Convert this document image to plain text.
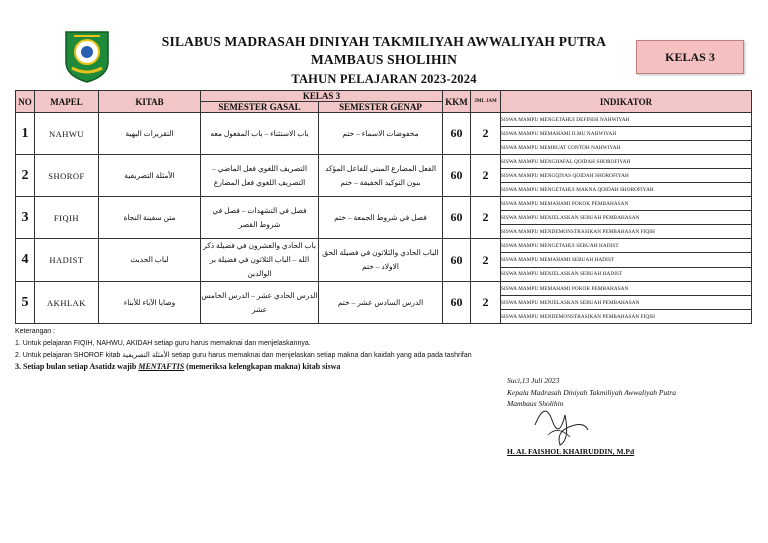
SILABUS MADRASAH DINIYAH TAKMILIYAH AWWALIYAH PUTRA
MAMBAUS SHOLIHIN
TAHUN PELAJARAN 2023-2024
KELAS 3
NO	MAPEL	KITAB	KELAS 3		KKM	JML JAM	INDIKATOR
			SEMESTER GASAL	SEMESTER GENAP			
1	NAHWU	التقريرات البهية	باب الاستثناء – باب المفعول معه	مخفوضات الاسماء – ختم	60	2	SISWA MAMPU MENGETAHUI DEFINISI NAHWIYAH
							SISWA MAMPU MEMAHAMI ILMU NAHWIYAH
							SISWA MAMPU MEMBUAT CONTOH NAHWIYAH
2	SHOROF	الأمثلة التصريفية	التصريف اللغوي فعل الماضي – التصريف اللغوي فعل المضارع	الفعل المضارع المبني للفاعل المؤكد بنون التوكيد الخفيفة – ختم	60	2	SISWA MAMPU MENGHAFAL QOIDAH SHOROFIYAH
							SISWA MAMPU MENGQIYAS QOIDAH SHOROFIYAH
							SISWA MAMPU MENGETAHUI MAKNA QOIDAH SHOROFIYAH
3	FIQIH	متن سفينة النجاة	فصل في التشهدات – فصل في شروط القصر	فصل في شروط الجمعة – ختم	60	2	SISWA MAMPU MEMAHAMI POKOK PEMBAHASAN
							SISWA MAMPU MENJELASKAN SEBUAH PEMBAHASAN
							SISWA MAMPU MENDEMONSTRASIKAN PEMBAHASAN FIQIH
4	HADIST	لباب الحديث	باب الحادي والعشرون في فضيلة ذكر الله – الباب الثلاثون في فضيلة بر الوالدين	الباب الحادي والثلاثون في فضيلة الحق الاولاد – ختم	60	2	SISWA MAMPU MENGETAHUI SEBUAH HADIST
							SISWA MAMPU MEMAHAMI SEBUAH HADIST
							SISWA MAMPU MENJELASKAN SEBUAH HADIST
5	AKHLAK	وصايا الآباء للأبناء	الدرس الحادي عشر – الدرس الخامس عشر	الدرس السادس عشر – ختم	60	2	SISWA MAMPU MEMAHAMI POKOK PEMBAHASAN
							SISWA MAMPU MENJELASKAN SEBUAH PEMBAHASAN
							SISWA MAMPU MENDEMONSTRASIKAN PEMBAHASAN FIQIH
Keterangan :
1. Untuk pelajaran FIQIH, NAHWU, AKIDAH setiap guru harus memaknai dan menjelaskannya.
2. Untuk pelajaran SHOROF kitab الأمثلة التصريفية setiap guru harus memaknai dan menjelaskan setiap makna dan kaidah yang ada pada tashrifan
3. Setiap bulan setiap Asatidz wajib MENTAFTIS (memeriksa kelengkapan makna) kitab siswa
Suci,13 Juli 2023
Kepala Madrasah Diniyah Takmiliyah Awwaliyah Putra
Mambaus Sholihin
H. AL FAISHOL KHAIRUDDIN, M.Pd
